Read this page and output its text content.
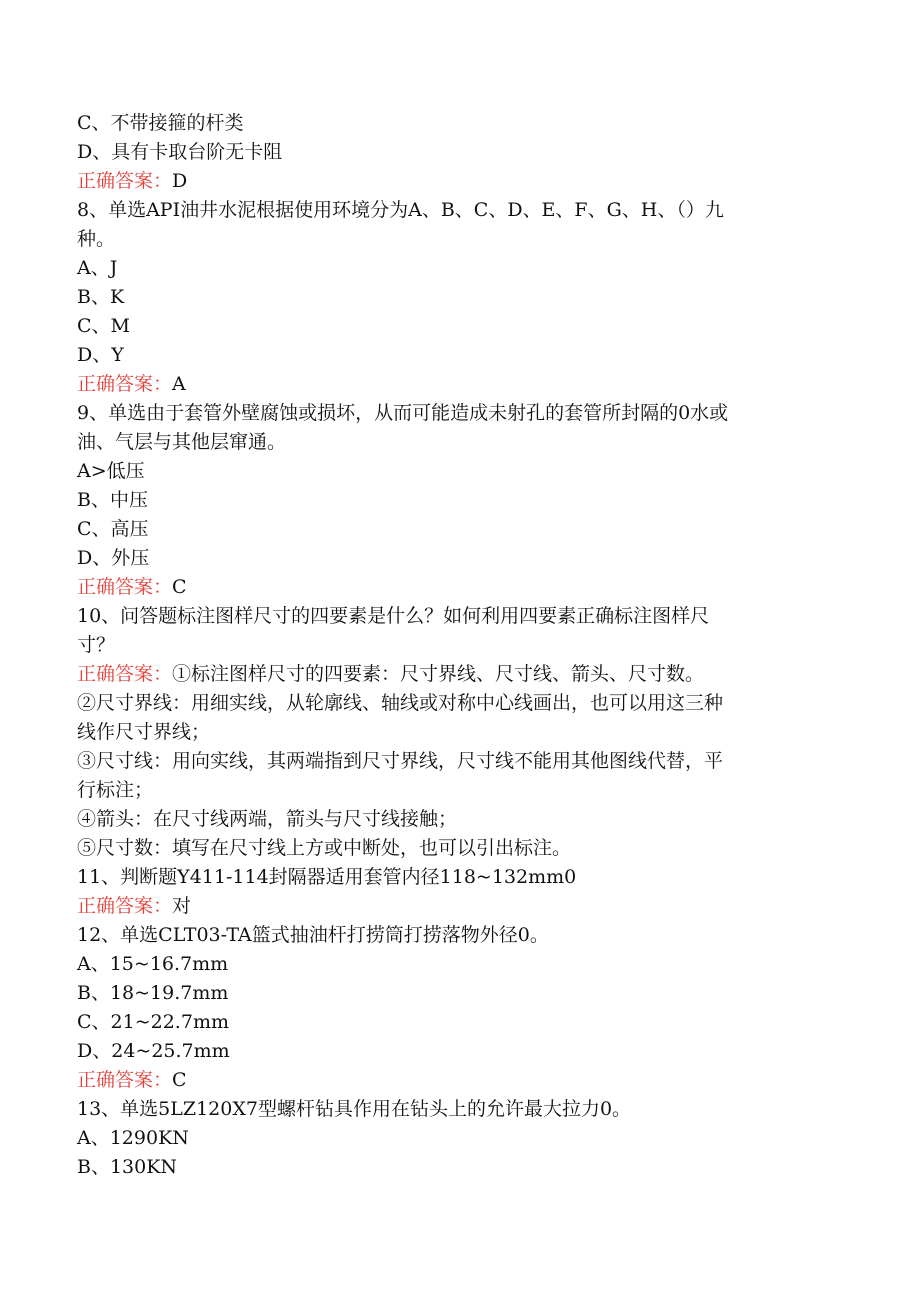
C、不带接箍的杆类
D、具有卡取台阶无卡阻
正确答案：D
8、单选API油井水泥根据使用环境分为A、B、C、D、E、F、G、H、（）九
种。
A、J
B、K
C、M
D、Y
正确答案：A
9、单选由于套管外壁腐蚀或损坏，从而可能造成未射孔的套管所封隔的0水或
油、气层与其他层窜通。
A>低压
B、中压
C、高压
D、外压
正确答案：C
10、问答题标注图样尺寸的四要素是什么？如何利用四要素正确标注图样尺
寸？
正确答案：①标注图样尺寸的四要素：尺寸界线、尺寸线、箭头、尺寸数。
②尺寸界线：用细实线，从轮廓线、轴线或对称中心线画出，也可以用这三种
线作尺寸界线；
③尺寸线：用向实线，其两端指到尺寸界线，尺寸线不能用其他图线代替，平
行标注；
④箭头：在尺寸线两端，箭头与尺寸线接触；
⑤尺寸数：填写在尺寸线上方或中断处，也可以引出标注。
11、判断题Y411-114封隔器适用套管内径118~132mm0
正确答案：对
12、单选CLT03-TA篮式抽油杆打捞筒打捞落物外径0。
A、15~16.7mm
B、18~19.7mm
C、21~22.7mm
D、24~25.7mm
正确答案：C
13、单选5LZ120X7型螺杆钻具作用在钻头上的允许最大拉力0。
A、1290KN
B、130KN
